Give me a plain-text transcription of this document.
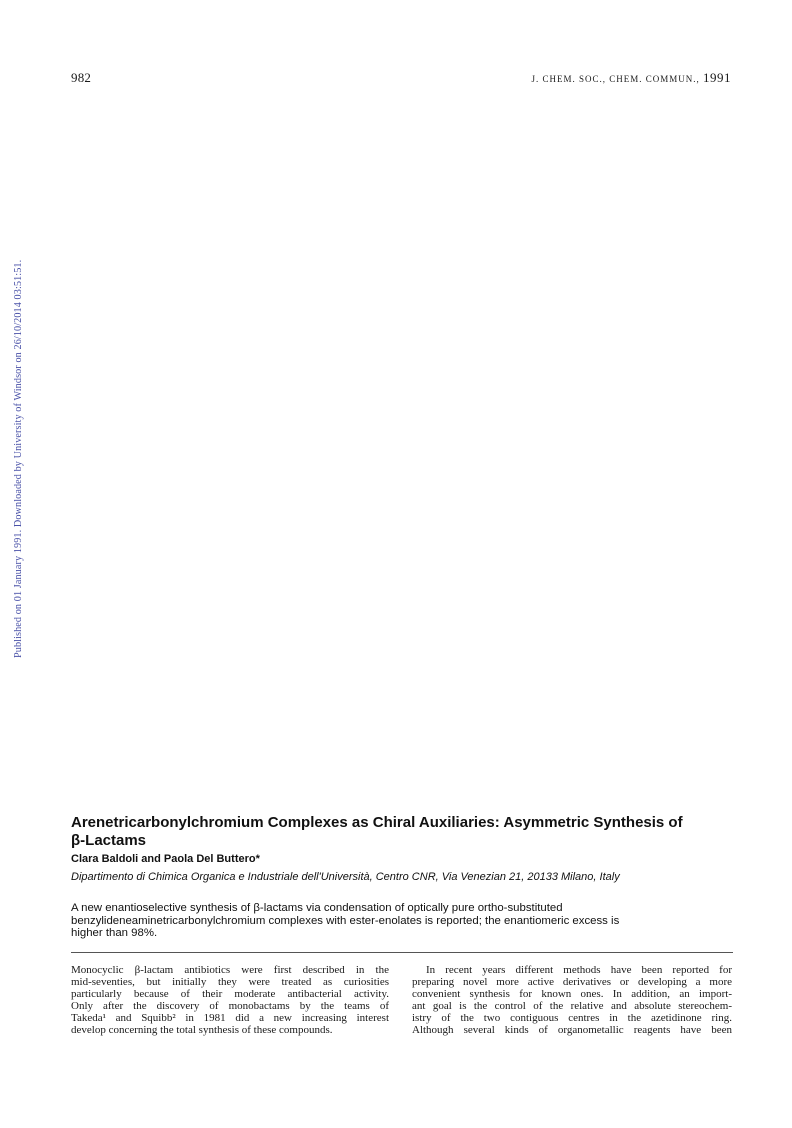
982	J. CHEM. SOC., CHEM. COMMUN., 1991
Published on 01 January 1991. Downloaded by University of Windsor on 26/10/2014 03:51:51.
Arenetricarbonylchromium Complexes as Chiral Auxiliaries: Asymmetric Synthesis of
β-Lactams
Clara Baldoli and Paola Del Buttero*
Dipartimento di Chimica Organica e Industriale dell'Università, Centro CNR, Via Venezian 21, 20133 Milano, Italy

A new enantioselective synthesis of β-lactams via condensation of optically pure ortho-substituted
benzylideneaminetricarbonylchromium complexes with ester-enolates is reported; the enantiomeric excess is
higher than 98%.

Monocyclic β-lactam antibiotics were first described in the
mid-seventies, but initially they were treated as curiosities
particularly because of their moderate antibacterial activity.
Only after the discovery of monobactams by the teams of
Takeda¹ and Squibb² in 1981 did a new increasing interest
develop concerning the total synthesis of these compounds.
In recent years different methods have been reported for
preparing novel more active derivatives or developing a more
convenient synthesis for known ones. In addition, an import-
ant goal is the control of the relative and absolute stereochem-
istry of the two contiguous centres in the azetidinone ring.
Although several kinds of organometallic reagents have been
